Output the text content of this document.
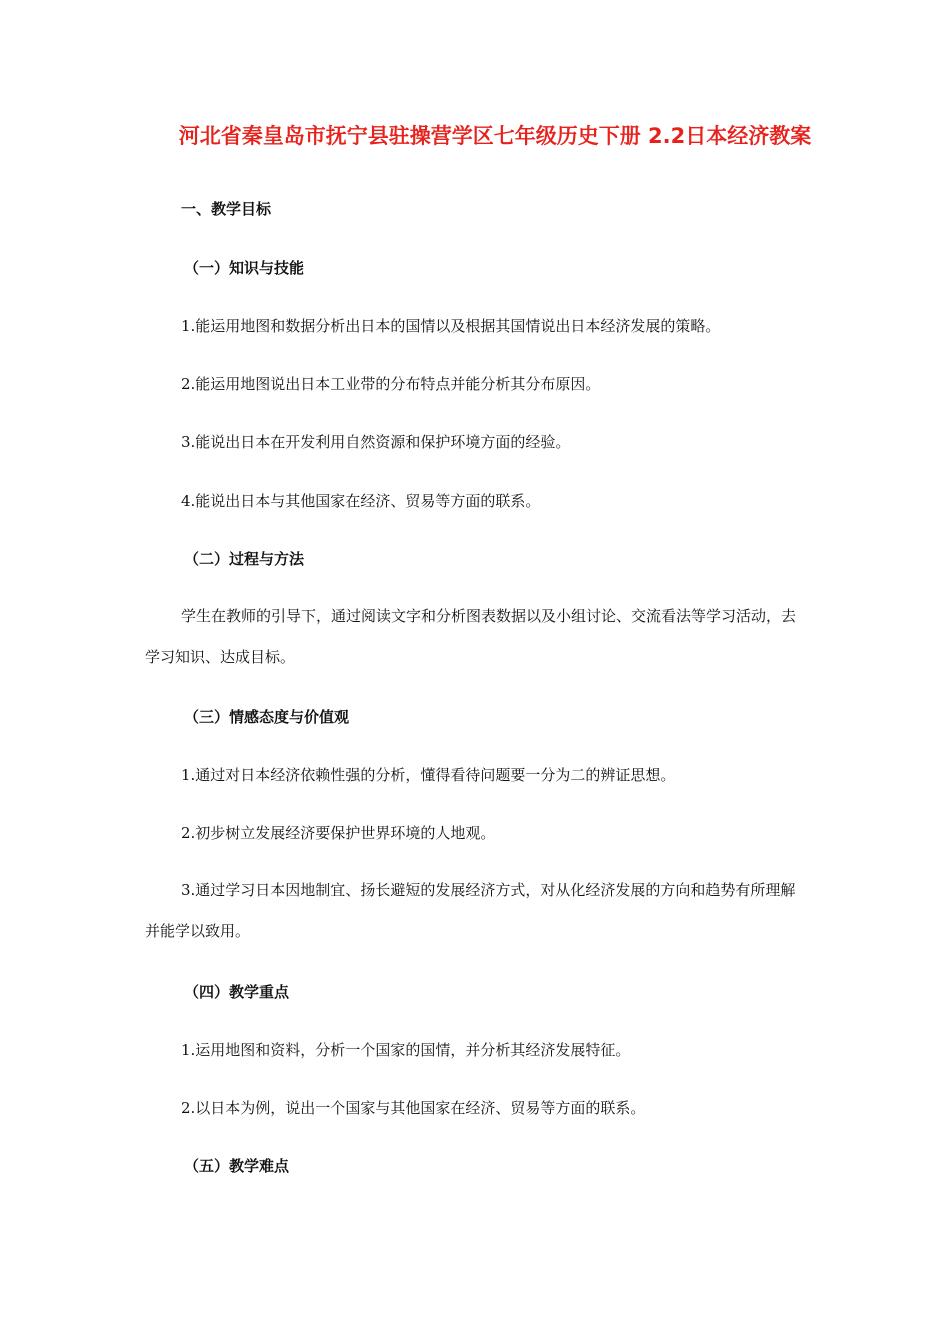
河北省秦皇岛市抚宁县驻操营学区七年级历史下册 2.2日本经济教案
一、教学目标
（一）知识与技能
1.能运用地图和数据分析出日本的国情以及根据其国情说出日本经济发展的策略。
2.能运用地图说出日本工业带的分布特点并能分析其分布原因。
3.能说出日本在开发利用自然资源和保护环境方面的经验。
4.能说出日本与其他国家在经济、贸易等方面的联系。
（二）过程与方法
学生在教师的引导下，通过阅读文字和分析图表数据以及小组讨论、交流看法等学习活动，去学习知识、达成目标。
（三）情感态度与价值观
1.通过对日本经济依赖性强的分析，懂得看待问题要一分为二的辨证思想。
2.初步树立发展经济要保护世界环境的人地观。
3.通过学习日本因地制宜、扬长避短的发展经济方式，对从化经济发展的方向和趋势有所理解并能学以致用。
（四）教学重点
1.运用地图和资料，分析一个国家的国情，并分析其经济发展特征。
2.以日本为例，说出一个国家与其他国家在经济、贸易等方面的联系。
（五）教学难点
